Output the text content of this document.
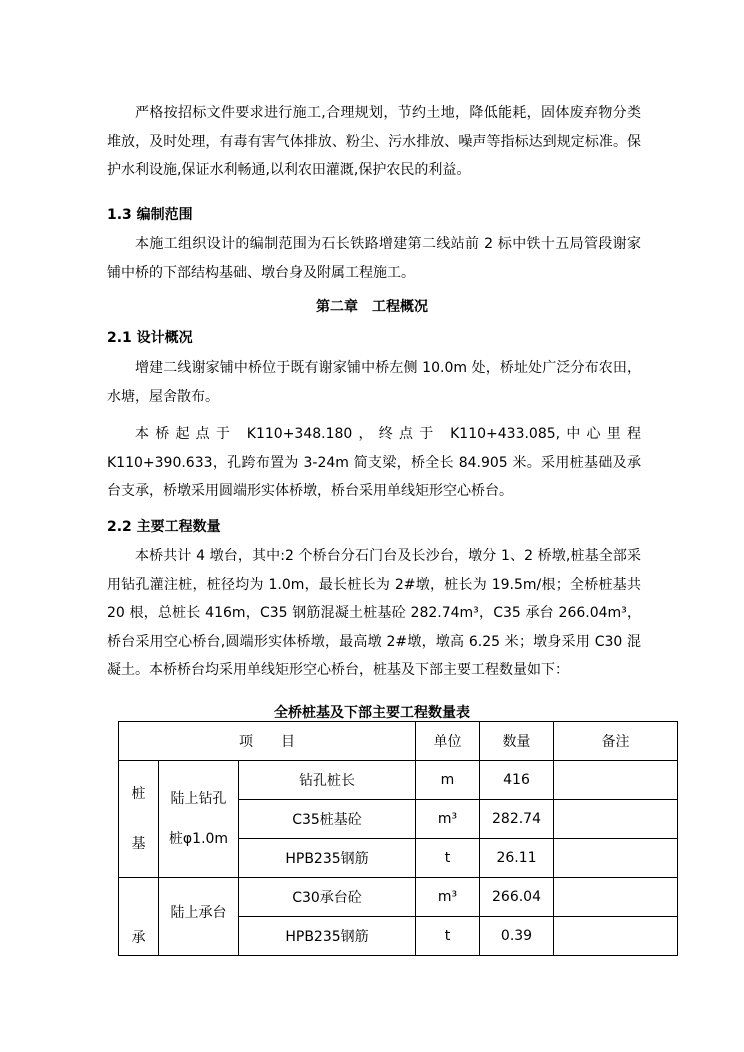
严格按招标文件要求进行施工,合理规划，节约土地，降低能耗，固体废弃物分类堆放，及时处理，有毒有害气体排放、粉尘、污水排放、噪声等指标达到规定标准。保护水利设施,保证水利畅通,以利农田灌溉,保护农民的利益。

1.3 编制范围

本施工组织设计的编制范围为石长铁路增建第二线站前 2 标中铁十五局管段谢家铺中桥的下部结构基础、墩台身及附属工程施工。

第二章　工程概况

2.1 设计概况

增建二线谢家铺中桥位于既有谢家铺中桥左侧 10.0m 处，桥址处广泛分布农田，水塘，屋舍散布。

本桥起点于 K110+348.180，终点于 K110+433.085,中心里程 K110+390.633，孔跨布置为 3-24m 简支梁，桥全长 84.905 米。采用桩基础及承台支承，桥墩采用圆端形实体桥墩，桥台采用单线矩形空心桥台。

2.2 主要工程数量

本桥共计 4 墩台，其中:2 个桥台分石门台及长沙台，墩分 1、2 桥墩,桩基全部采用钻孔灌注桩，桩径均为 1.0m，最长桩长为 2#墩，桩长为 19.5m/根；全桥桩基共 20 根，总桩长 416m，C35 钢筋混凝土桩基砼 282.74m³，C35 承台 266.04m³，桥台采用空心桥台,圆端形实体桥墩，最高墩 2#墩，墩高 6.25 米；墩身采用 C30 混凝土。本桥桥台均采用单线矩形空心桥台，桩基及下部主要工程数量如下：

全桥桩基及下部主要工程数量表
项　　目			单位	数量	备注

桩
基	陆上钻孔
桩φ1.0m	钻孔桩长	m	416	
		C35桩基砼	m³	282.74	
		HPB235钢筋	t	26.11	
承	陆上承台	C30承台砼	m³	266.04	
		HPB235钢筋	t	0.39	
